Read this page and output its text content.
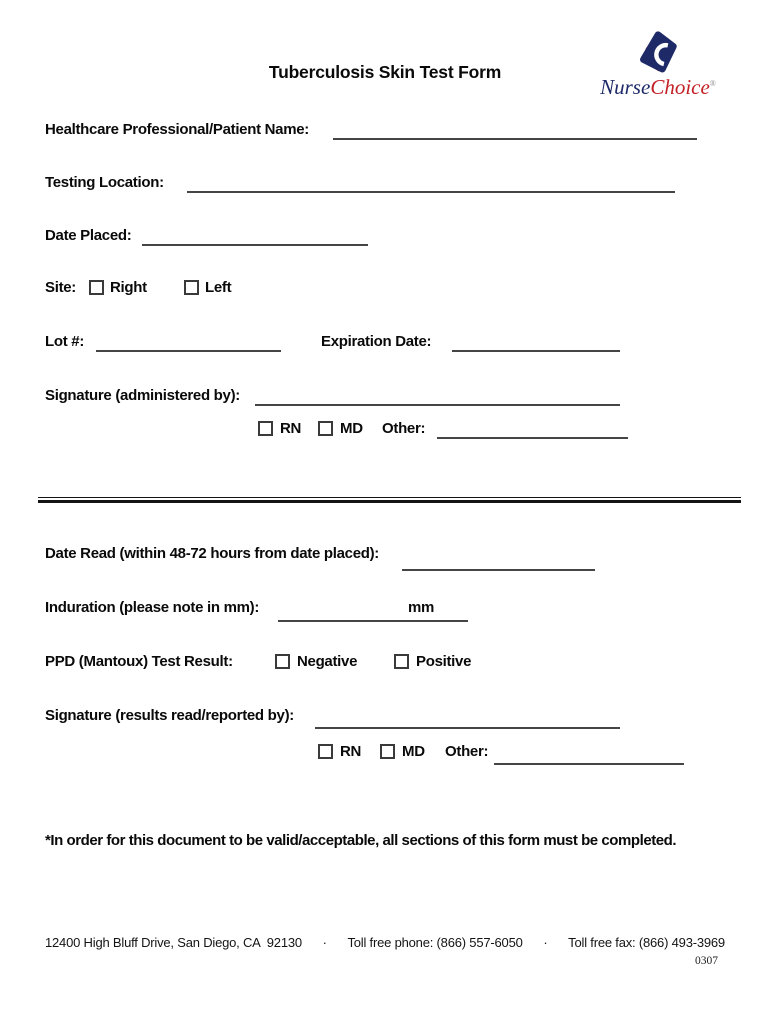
Tuberculosis Skin Test Form
NurseChoice®
Healthcare Professional/Patient Name:
Testing Location:
Date Placed:
Site: Right	Left
Lot #:	Expiration Date:
Signature (administered by):
RN	MD Other:
Date Read (within 48-72 hours from date placed):
Induration (please note in mm):	mm
PPD (Mantoux) Test Result:	Negative	Positive
Signature (results read/reported by):
RN	MD Other:
*In order for this document to be valid/acceptable, all sections of this form must be completed.
12400 High Bluff Drive, San Diego, CA  92130 · Toll free phone: (866) 557-6050 · Toll free fax: (866) 493-3969
0307
